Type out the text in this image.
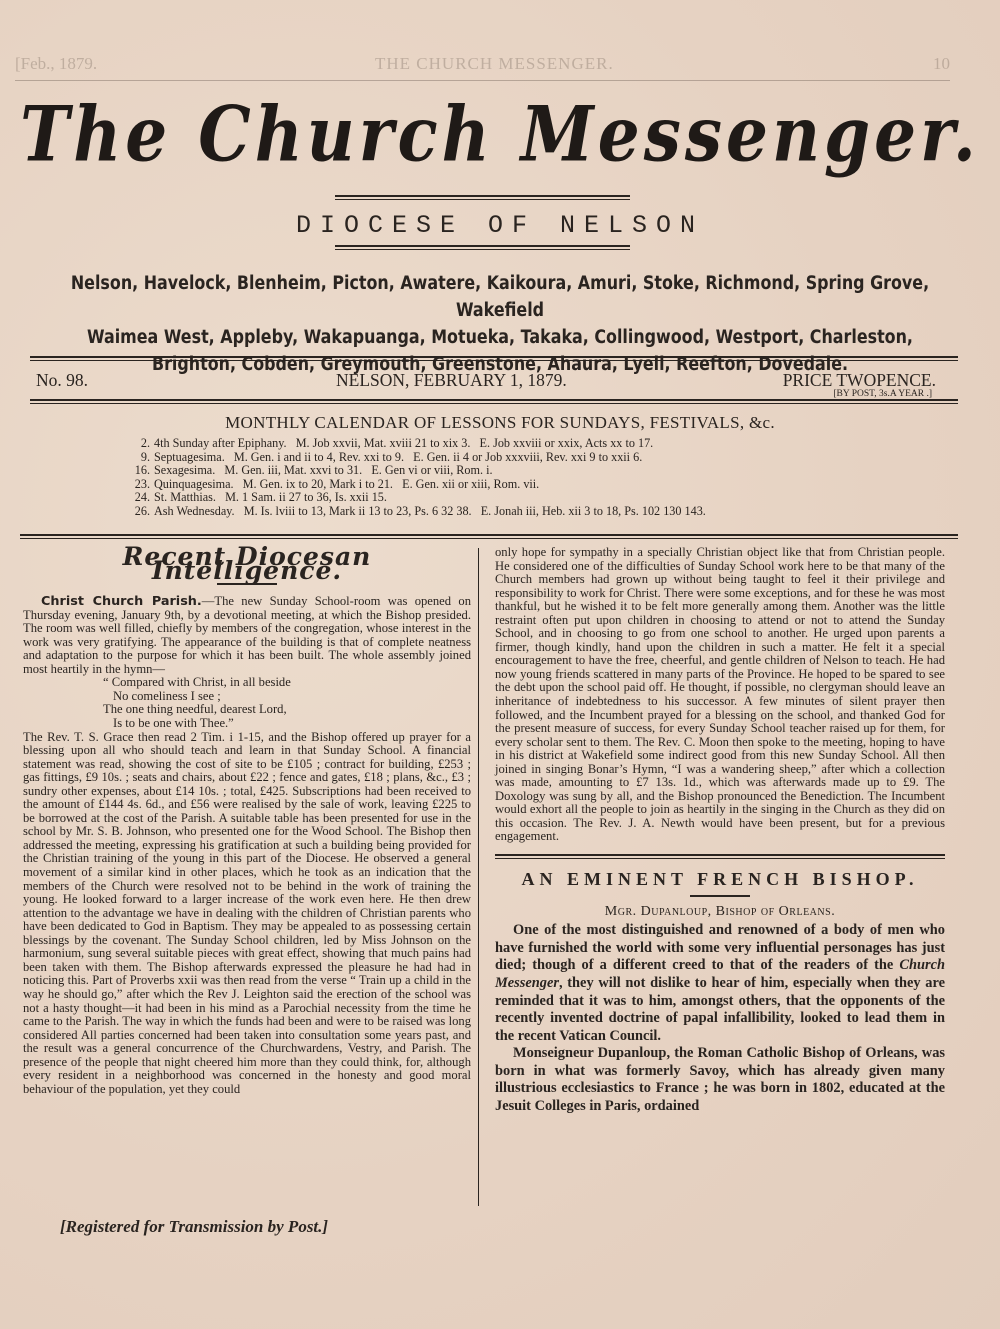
[Feb., 1879.	THE CHURCH MESSENGER.	10
The Church Messenger.
DIOCESE OF NELSON
Nelson, Havelock, Blenheim, Picton, Awatere, Kaikoura, Amuri, Stoke, Richmond, Spring Grove, Wakefield
Waimea West, Appleby, Wakapuanga, Motueka, Takaka, Collingwood, Westport, Charleston,
Brighton, Cobden, Greymouth, Greenstone, Ahaura, Lyell, Reefton, Dovedale.
No. 98.	NELSON, FEBRUARY 1, 1879.	PRICE TWOPENCE.
[BY POST, 3s.A YEAR .]
MONTHLY CALENDAR OF LESSONS FOR SUNDAYS, FESTIVALS, &c.
2. 4th Sunday after Epiphany.   M. Job xxvii, Mat. xviii 21 to xix 3.   E. Job xxviii or xxix, Acts xx to 17.
9. Septuagesima.   M. Gen. i and ii to 4, Rev. xxi to 9.   E. Gen. ii 4 or Job xxxviii, Rev. xxi 9 to xxii 6.
16. Sexagesima.   M. Gen. iii, Mat. xxvi to 31.   E. Gen vi or viii, Rom. i.
23. Quinquagesima.   M. Gen. ix to 20, Mark i to 21.   E. Gen. xii or xiii, Rom. vii.
24. St. Matthias.   M. 1 Sam. ii 27 to 36, Is. xxii 15.
26. Ash Wednesday.   M. Is. lviii to 13, Mark ii 13 to 23, Ps. 6 32 38.   E. Jonah iii, Heb. xii 3 to 18, Ps. 102 130 143.
Recent Diocesan Intelligence.

Christ Church Parish.—The new Sunday School-room was opened on Thursday evening, January 9th, by a devotional meeting, at which the Bishop presided. The room was well filled, chiefly by members of the congregation, whose interest in the work was very gratifying. The appearance of the building is that of complete neatness and adaptation to the purpose for which it has been built. The whole assembly joined most heartily in the hymn—

“ Compared with Christ, in all beside
No comeliness I see ;
The one thing needful, dearest Lord,
Is to be one with Thee.”

The Rev. T. S. Grace then read 2 Tim. i 1-15, and the Bishop offered up prayer for a blessing upon all who should teach and learn in that Sunday School. A financial statement was read, showing the cost of site to be £105 ; contract for building, £253 ; gas fittings, £9 10s. ; seats and chairs, about £22 ; fence and gates, £18 ; plans, &c., £3 ; sundry other expenses, about £14 10s. ; total, £425. Subscriptions had been received to the amount of £144 4s. 6d., and £56 were realised by the sale of work, leaving £225 to be borrowed at the cost of the Parish. A suitable table has been presented for use in the school by Mr. S. B. Johnson, who presented one for the Wood School. The Bishop then addressed the meeting, expressing his gratification at such a building being provided for the Christian training of the young in this part of the Diocese. He observed a general movement of a similar kind in other places, which he took as an indication that the members of the Church were resolved not to be behind in the work of training the young. He looked forward to a larger increase of the work even here. He then drew attention to the advantage we have in dealing with the children of Christian parents who have been dedicated to God in Baptism. They may be appealed to as possessing certain blessings by the covenant. The Sunday School children, led by Miss Johnson on the harmonium, sung several suitable pieces with great effect, showing that much pains had been taken with them. The Bishop afterwards expressed the pleasure he had had in noticing this. Part of Proverbs xxii was then read from the verse “ Train up a child in the way he should go,” after which the Rev J. Leighton said the erection of the school was not a hasty thought—it had been in his mind as a Parochial necessity from the time he came to the Parish. The way in which the funds had been and were to be raised was long considered All parties concerned had been taken into consultation some years past, and the result was a general concurrence of the Churchwardens, Vestry, and Parish. The presence of the people that night cheered him more than they could think, for, although every resident in a neighborhood was concerned in the honesty and good moral behaviour of the population, yet they could

[Registered for Transmission by Post.]

only hope for sympathy in a specially Christian object like that from Christian people. He considered one of the difficulties of Sunday School work here to be that many of the Church members had grown up without being taught to feel it their privilege and responsibility to work for Christ. There were some exceptions, and for these he was most thankful, but he wished it to be felt more generally among them. Another was the little restraint often put upon children in choosing to attend or not to attend the Sunday School, and in choosing to go from one school to another. He urged upon parents a firmer, though kindly, hand upon the children in such a matter. He felt it a special encouragement to have the free, cheerful, and gentle children of Nelson to teach. He had now young friends scattered in many parts of the Province. He hoped to be spared to see the debt upon the school paid off. He thought, if possible, no clergyman should leave an inheritance of indebtedness to his successor. A few minutes of silent prayer then followed, and the Incumbent prayed for a blessing on the school, and thanked God for the present measure of success, for every Sunday School teacher raised up for them, for every scholar sent to them. The Rev. C. Moon then spoke to the meeting, hoping to have in his district at Wakefield some indirect good from this new Sunday School. All then joined in singing Bonar’s Hymn, “I was a wandering sheep,” after which a collection was made, amounting to £7 13s. 1d., which was afterwards made up to £9. The Doxology was sung by all, and the Bishop pronounced the Benediction. The Incumbent would exhort all the people to join as heartily in the singing in the Church as they did on this occasion. The Rev. J. A. Newth would have been present, but for a previous engagement.

AN EMINENT FRENCH BISHOP.
Mgr. Dupanloup, Bishop of Orleans.

One of the most distinguished and renowned of a body of men who have furnished the world with some very influential personages has just died; though of a different creed to that of the readers of the Church Messenger, they will not dislike to hear of him, especially when they are reminded that it was to him, amongst others, that the opponents of the recently invented doctrine of papal infallibility, looked to lead them in the recent Vatican Council.

Monseigneur Dupanloup, the Roman Catholic Bishop of Orleans, was born in what was formerly Savoy, which has already given many illustrious ecclesiastics to France ; he was born in 1802, educated at the Jesuit Colleges in Paris, ordained
